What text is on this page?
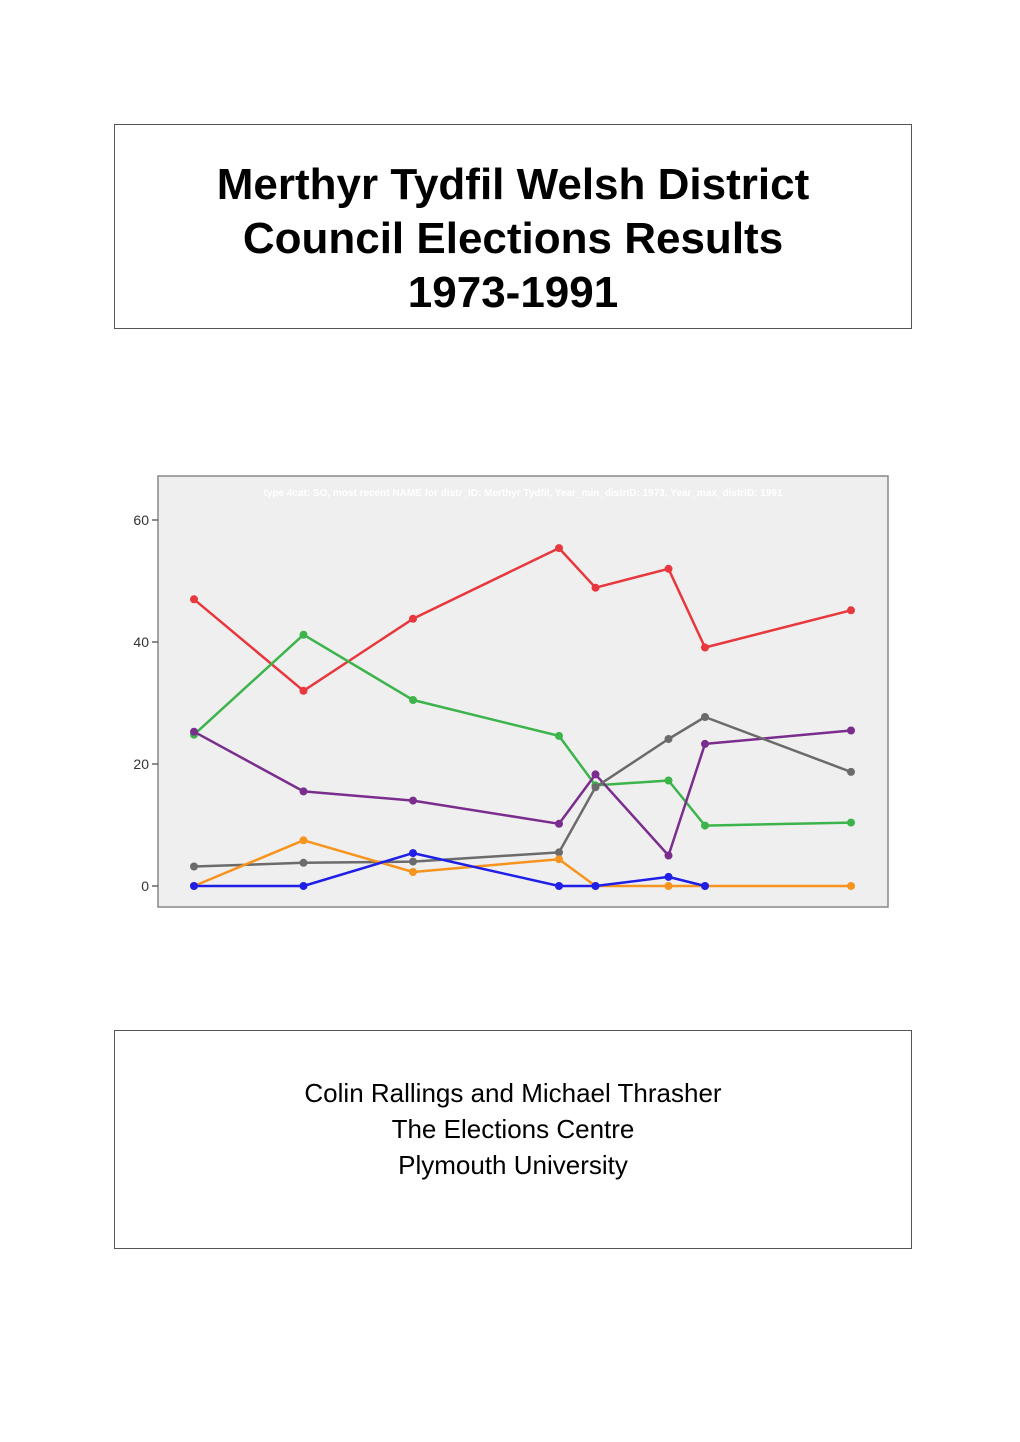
Merthyr Tydfil Welsh District
Council Elections Results
1973-1991
type 4cat: SO, most recent NAME for distr_ID: Merthyr Tydfil, Year_min_distrID: 1973, Year_max_distrID: 1991
0
20
40
60
Colin Rallings and Michael Thrasher
The Elections Centre
Plymouth University
